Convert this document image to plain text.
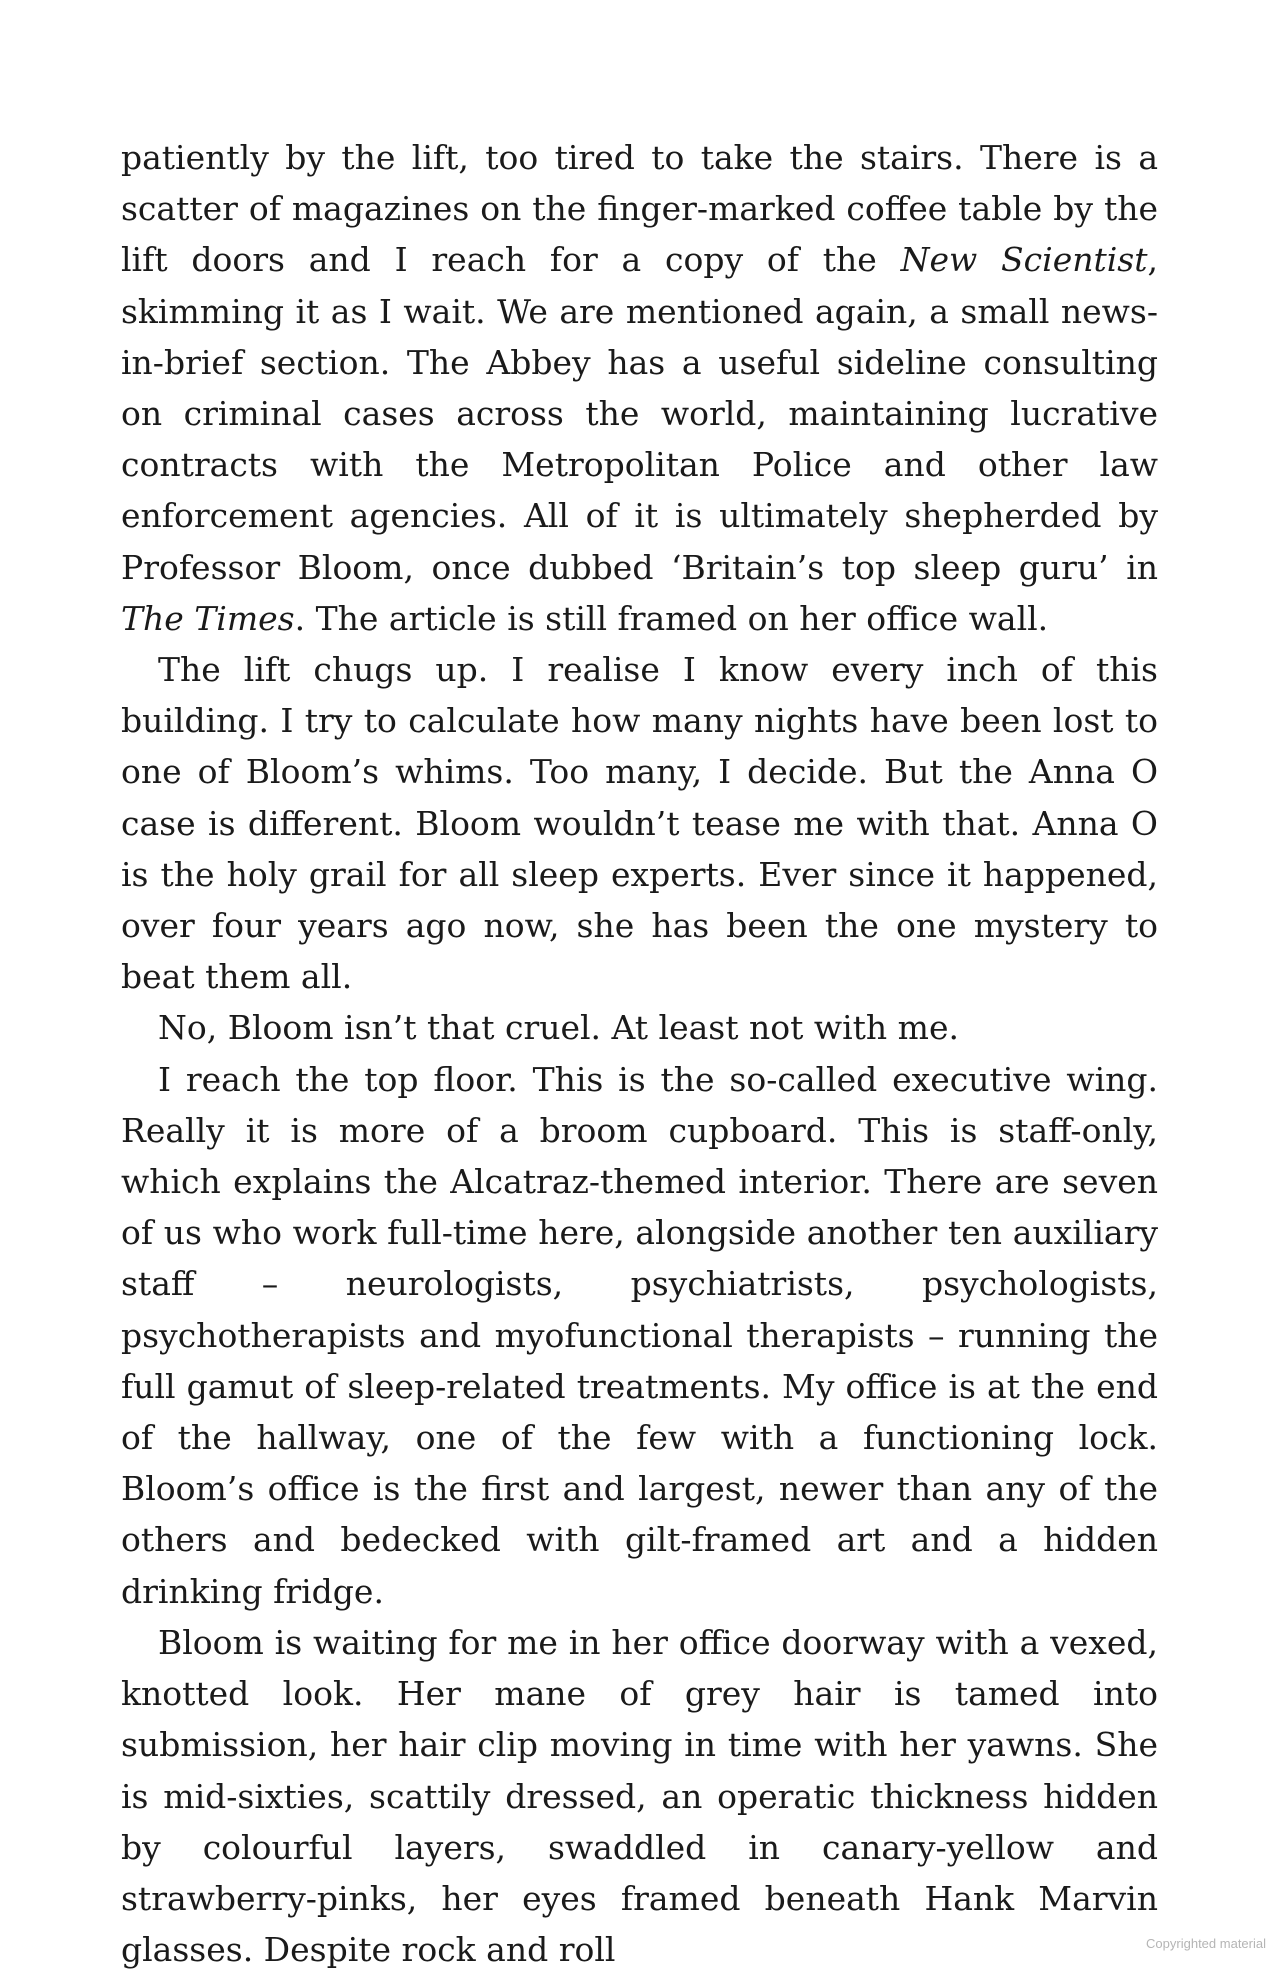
patiently by the lift, too tired to take the stairs. There is a scatter of magazines on the finger-marked coffee table by the lift doors and I reach for a copy of the New Scientist, skimming it as I wait. We are mentioned again, a small news-in-brief section. The Abbey has a useful sideline consulting on criminal cases across the world, maintaining lucrative contracts with the Metropolitan Police and other law enforcement agencies. All of it is ultimately shepherded by Professor Bloom, once dubbed ‘Britain’s top sleep guru’ in The Times. The article is still framed on her office wall.

The lift chugs up. I realise I know every inch of this building. I try to calculate how many nights have been lost to one of Bloom’s whims. Too many, I decide. But the Anna O case is different. Bloom wouldn’t tease me with that. Anna O is the holy grail for all sleep experts. Ever since it happened, over four years ago now, she has been the one mystery to beat them all.

No, Bloom isn’t that cruel. At least not with me.

I reach the top floor. This is the so-called executive wing. Really it is more of a broom cupboard. This is staff-only, which explains the Alcatraz-themed interior. There are seven of us who work full-time here, alongside another ten auxiliary staff – neurologists, psychiatrists, psychologists, psychotherapists and myofunctional therapists – running the full gamut of sleep-related treatments. My office is at the end of the hallway, one of the few with a functioning lock. Bloom’s office is the first and largest, newer than any of the others and bedecked with gilt-framed art and a hidden drinking fridge.

Bloom is waiting for me in her office doorway with a vexed, knotted look. Her mane of grey hair is tamed into submission, her hair clip moving in time with her yawns. She is mid-sixties, scattily dressed, an operatic thickness hidden by colourful layers, swaddled in canary-yellow and strawberry-pinks, her eyes framed beneath Hank Marvin glasses. Despite rock and roll	Copyrighted material
